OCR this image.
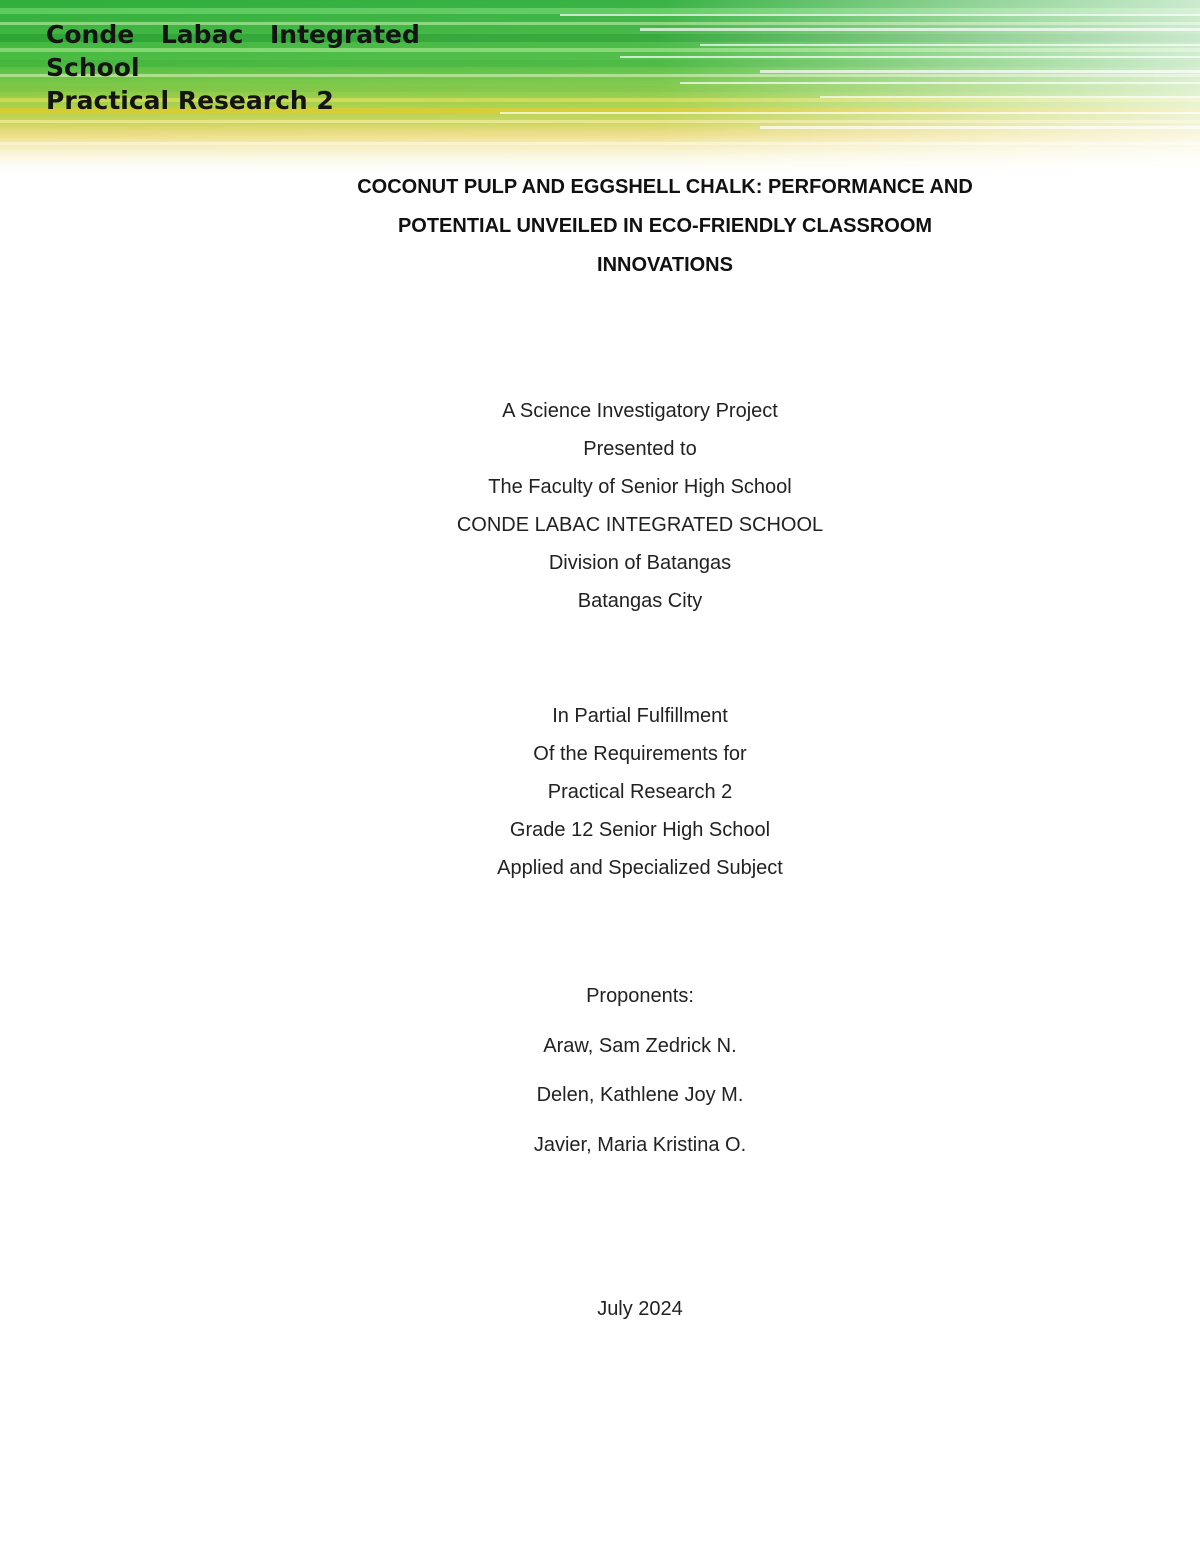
Conde Labac Integrated School

Practical Research 2
COCONUT PULP AND EGGSHELL CHALK: PERFORMANCE AND
POTENTIAL UNVEILED IN ECO-FRIENDLY CLASSROOM
INNOVATIONS

A Science Investigatory Project

Presented to

The Faculty of Senior High School

CONDE LABAC INTEGRATED SCHOOL

Division of Batangas

Batangas City

In Partial Fulfillment

Of the Requirements for

Practical Research 2

Grade 12 Senior High School

Applied and Specialized Subject

Proponents:

Araw, Sam Zedrick N.

Delen, Kathlene Joy M.

Javier, Maria Kristina O.

July 2024
